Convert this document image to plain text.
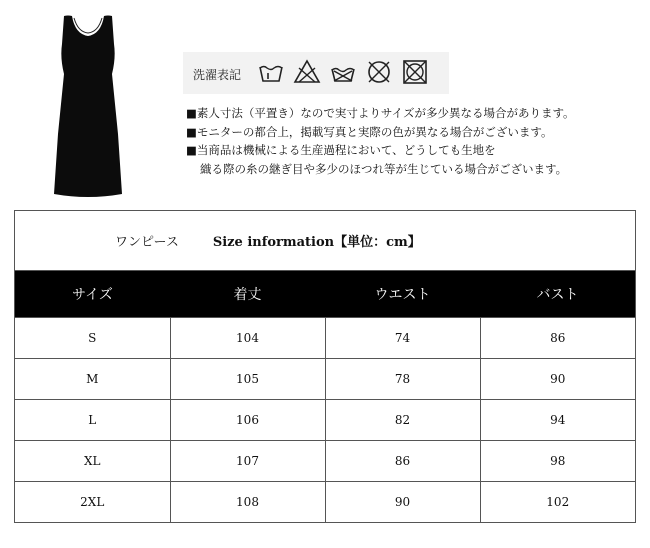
洗濯表記
■素人寸法（平置き）なので実寸よりサイズが多少異なる場合があります。
■モニターの都合上，掲載写真と実際の色が異なる場合がございます。
■当商品は機械による生産過程において、どうしても生地を
織る際の糸の継ぎ目や多少のほつれ等が生じている場合がございます。
ワンピース	Size information【単位：cm】
サイズ	着丈	ウエスト	バスト
S	104	74	86
M	105	78	90
L	106	82	94
XL	107	86	98
2XL	108	90	102
